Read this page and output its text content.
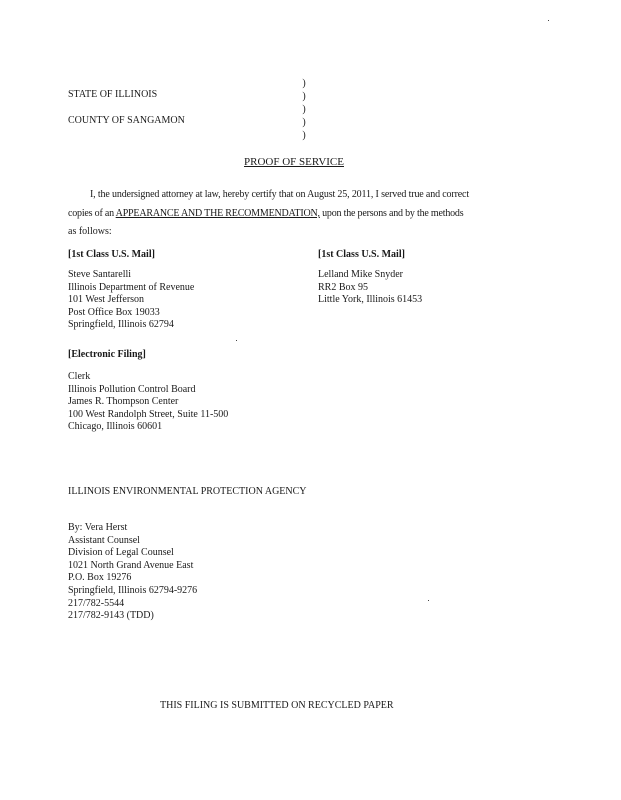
STATE OF ILLINOIS
COUNTY OF SANGAMON
)
)
)
)
)
PROOF OF SERVICE
I, the undersigned attorney at law, hereby certify that on August 25, 2011, I served true and correct
copies of an APPEARANCE AND THE RECOMMENDATION, upon the persons and by the methods
as follows:
[1st Class U.S. Mail]
Steve Santarelli
Illinois Department of Revenue
101 West Jefferson
Post Office Box 19033
Springfield, Illinois 62794
[1st Class U.S. Mail]
Lelland Mike Snyder
RR2 Box 95
Little York, Illinois 61453
[Electronic Filing]
Clerk
Illinois Pollution Control Board
James R. Thompson Center
100 West Randolph Street, Suite 11-500
Chicago, Illinois 60601
ILLINOIS ENVIRONMENTAL PROTECTION AGENCY
By: Vera Herst
Assistant Counsel
Division of Legal Counsel
1021 North Grand Avenue East
P.O. Box 19276
Springfield, Illinois 62794-9276
217/782-5544
217/782-9143 (TDD)
THIS FILING IS SUBMITTED ON RECYCLED PAPER
